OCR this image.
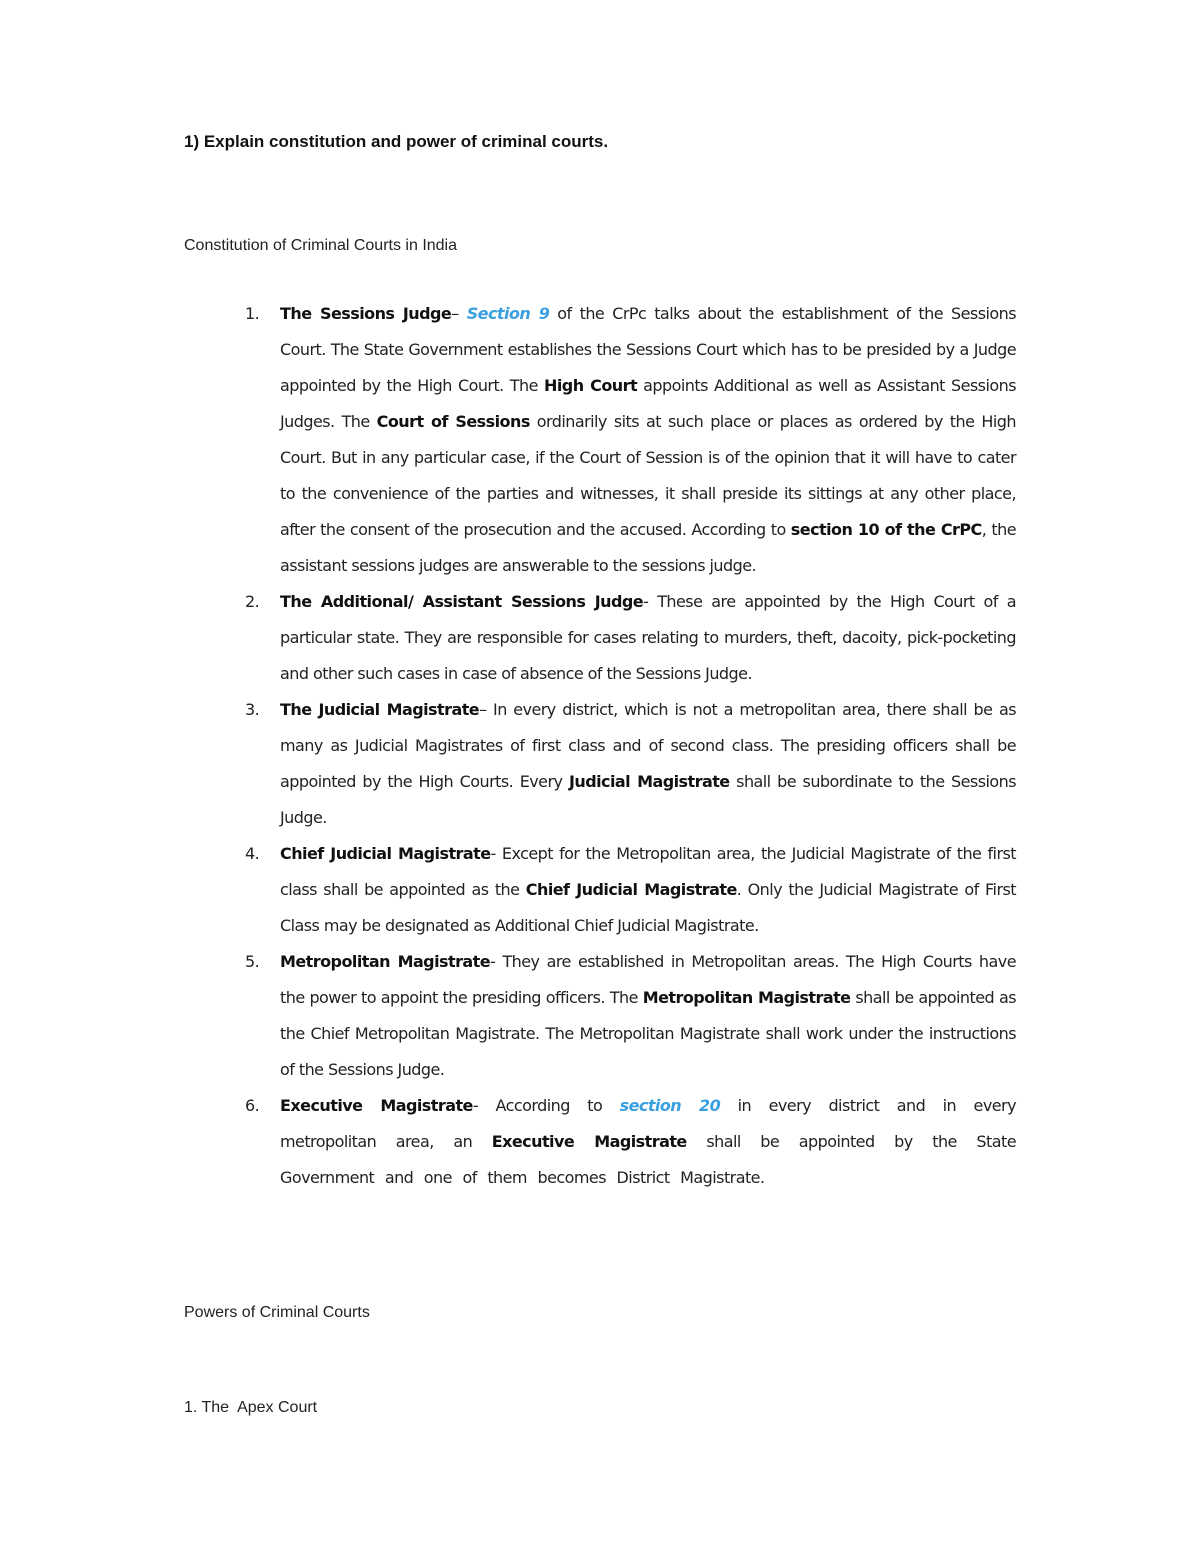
1) Explain constitution and power of criminal courts.

Constitution of Criminal Courts in India

1. The Sessions Judge– Section 9 of the CrPc talks about the establishment of the Sessions Court. The State Government establishes the Sessions Court which has to be presided by a Judge appointed by the High Court. The High Court appoints Additional as well as Assistant Sessions Judges. The Court of Sessions ordinarily sits at such place or places as ordered by the High Court. But in any particular case, if the Court of Session is of the opinion that it will have to cater to the convenience of the parties and witnesses, it shall preside its sittings at any other place, after the consent of the prosecution and the accused. According to section 10 of the CrPC, the assistant sessions judges are answerable to the sessions judge.
2. The Additional/ Assistant Sessions Judge- These are appointed by the High Court of a particular state. They are responsible for cases relating to murders, theft, dacoity, pick-pocketing and other such cases in case of absence of the Sessions Judge.
3. The Judicial Magistrate– In every district, which is not a metropolitan area, there shall be as many as Judicial Magistrates of first class and of second class. The presiding officers shall be appointed by the High Courts. Every Judicial Magistrate shall be subordinate to the Sessions Judge.
4. Chief Judicial Magistrate- Except for the Metropolitan area, the Judicial Magistrate of the first class shall be appointed as the Chief Judicial Magistrate. Only the Judicial Magistrate of First Class may be designated as Additional Chief Judicial Magistrate.
5. Metropolitan Magistrate- They are established in Metropolitan areas. The High Courts have the power to appoint the presiding officers. The Metropolitan Magistrate shall be appointed as the Chief Metropolitan Magistrate. The Metropolitan Magistrate shall work under the instructions of the Sessions Judge.
6. Executive Magistrate- According to section 20 in every district and in every metropolitan area, an Executive Magistrate shall be appointed by the State Government and one of them becomes District Magistrate.

Powers of Criminal Courts

1. The  Apex Court
